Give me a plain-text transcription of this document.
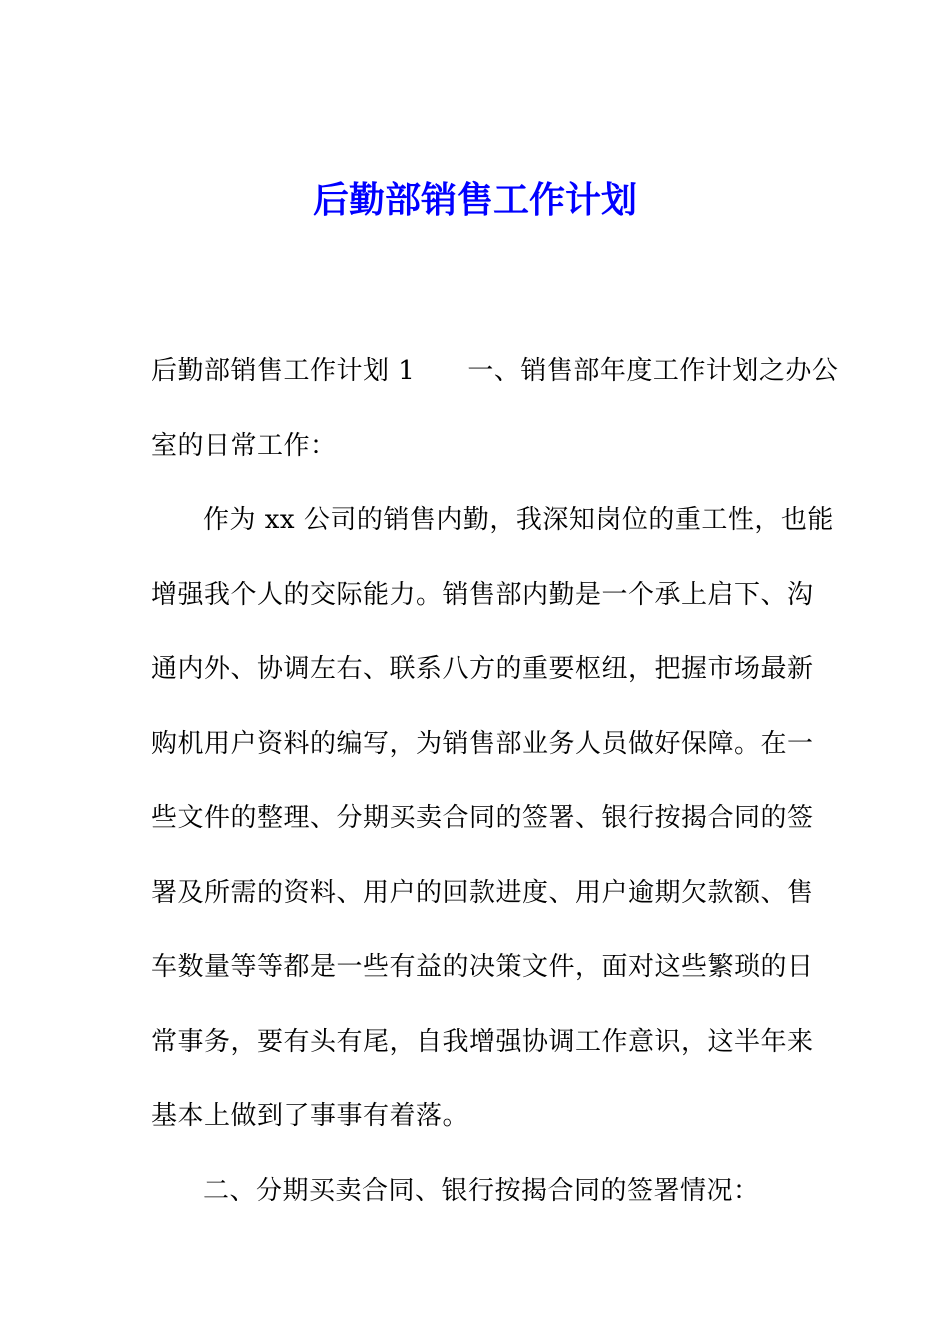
后勤部销售工作计划
后勤部销售工作计划 1 一、销售部年度工作计划之办公
室的日常工作：
作为 xx 公司的销售内勤，我深知岗位的重工性，也能
增强我个人的交际能力。销售部内勤是一个承上启下、沟
通内外、协调左右、联系八方的重要枢纽，把握市场最新
购机用户资料的编写，为销售部业务人员做好保障。在一
些文件的整理、分期买卖合同的签署、银行按揭合同的签
署及所需的资料、用户的回款进度、用户逾期欠款额、售
车数量等等都是一些有益的决策文件，面对这些繁琐的日
常事务，要有头有尾，自我增强协调工作意识，这半年来
基本上做到了事事有着落。
二、分期买卖合同、银行按揭合同的签署情况：
